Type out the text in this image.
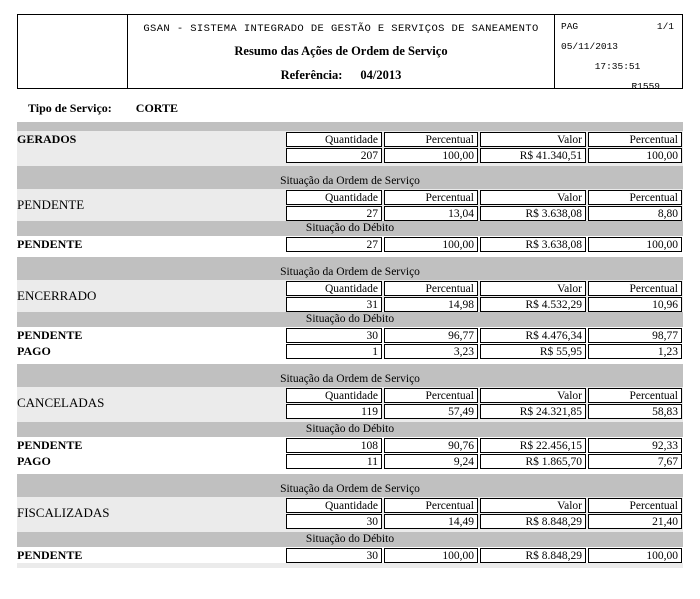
GSAN - SISTEMA INTEGRADO DE GESTÃO E SERVIÇOS DE SANEAMENTO
Resumo das Ações de Ordem de Serviço
Referência: 04/2013
PAG	1/1
05/11/2013
17:35:51
R1559
Tipo de Serviço: CORTE
GERADOS	Quantidade	Percentual	Valor	Percentual

	207	100,00	R$ 41.340,51	100,00
Situação da Ordem de Serviço
PENDENTE	Quantidade	Percentual	Valor	Percentual

	27	13,04	R$ 3.638,08	8,80
Situação do Débito
PENDENTE	27	100,00	R$ 3.638,08	100,00
Situação da Ordem de Serviço
ENCERRADO	Quantidade	Percentual	Valor	Percentual

	31	14,98	R$ 4.532,29	10,96
Situação do Débito
PENDENTE	30	96,77	R$ 4.476,34	98,77

PAGO	1	3,23	R$ 55,95	1,23
Situação da Ordem de Serviço
CANCELADAS	Quantidade	Percentual	Valor	Percentual

	119	57,49	R$ 24.321,85	58,83
Situação do Débito
PENDENTE	108	90,76	R$ 22.456,15	92,33

PAGO	11	9,24	R$ 1.865,70	7,67
Situação da Ordem de Serviço
FISCALIZADAS	Quantidade	Percentual	Valor	Percentual

	30	14,49	R$ 8.848,29	21,40
Situação do Débito
PENDENTE	30	100,00	R$ 8.848,29	100,00
